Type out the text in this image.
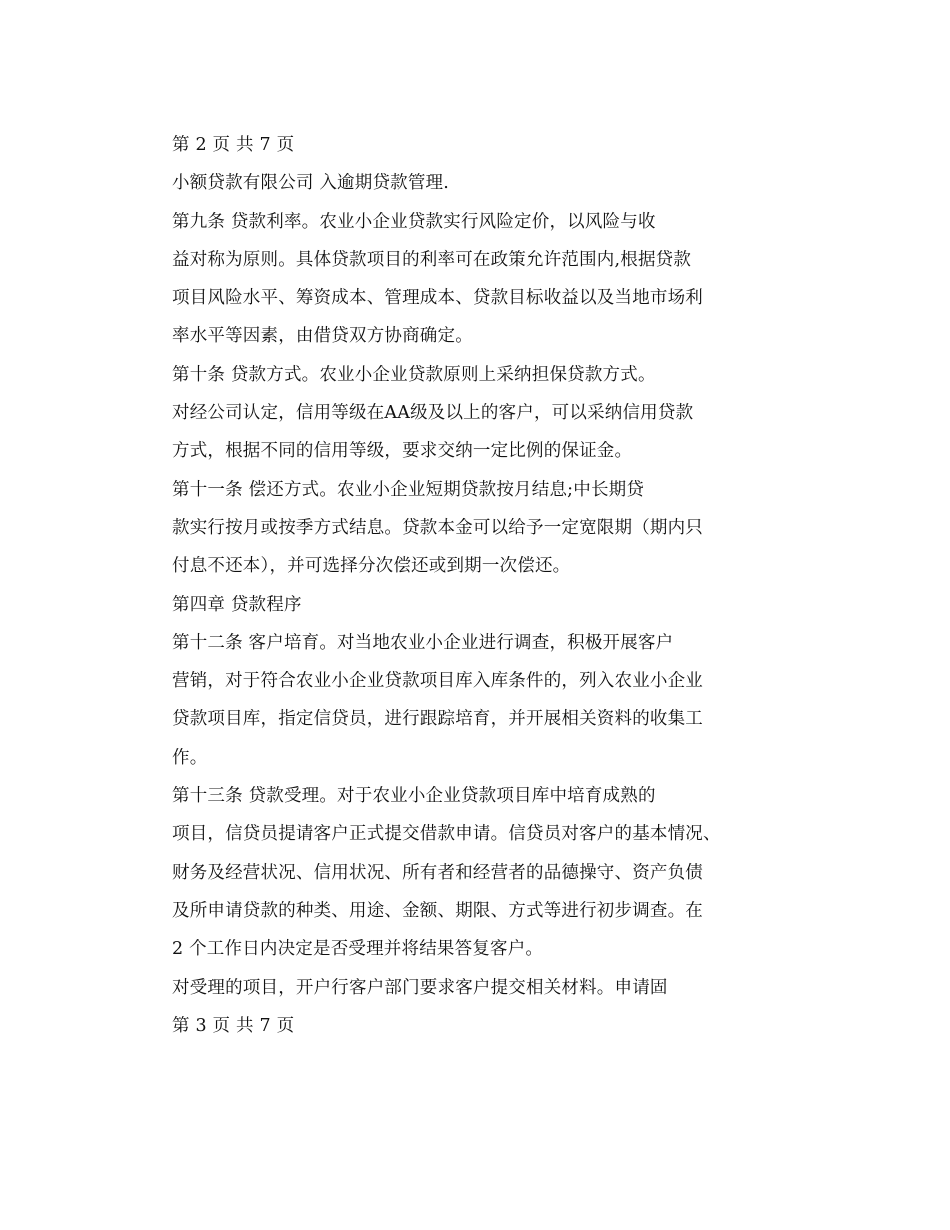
第 2 页 共 7 页
小额贷款有限公司 入逾期贷款管理.
第九条 贷款利率。农业小企业贷款实行风险定价，以风险与收
益对称为原则。具体贷款项目的利率可在政策允许范围内,根据贷款
项目风险水平、筹资成本、管理成本、贷款目标收益以及当地市场利
率水平等因素，由借贷双方协商确定。
第十条 贷款方式。农业小企业贷款原则上采纳担保贷款方式。
对经公司认定，信用等级在AA级及以上的客户，可以采纳信用贷款
方式，根据不同的信用等级，要求交纳一定比例的保证金。
第十一条 偿还方式。农业小企业短期贷款按月结息;中长期贷
款实行按月或按季方式结息。贷款本金可以给予一定宽限期（期内只
付息不还本），并可选择分次偿还或到期一次偿还。
第四章 贷款程序
第十二条 客户培育。对当地农业小企业进行调查，积极开展客户
营销，对于符合农业小企业贷款项目库入库条件的，列入农业小企业
贷款项目库，指定信贷员，进行跟踪培育，并开展相关资料的收集工
作。
第十三条 贷款受理。对于农业小企业贷款项目库中培育成熟的
项目，信贷员提请客户正式提交借款申请。信贷员对客户的基本情况、
财务及经营状况、信用状况、所有者和经营者的品德操守、资产负债
及所申请贷款的种类、用途、金额、期限、方式等进行初步调查。在
2 个工作日内决定是否受理并将结果答复客户。
对受理的项目，开户行客户部门要求客户提交相关材料。申请固
第 3 页 共 7 页
